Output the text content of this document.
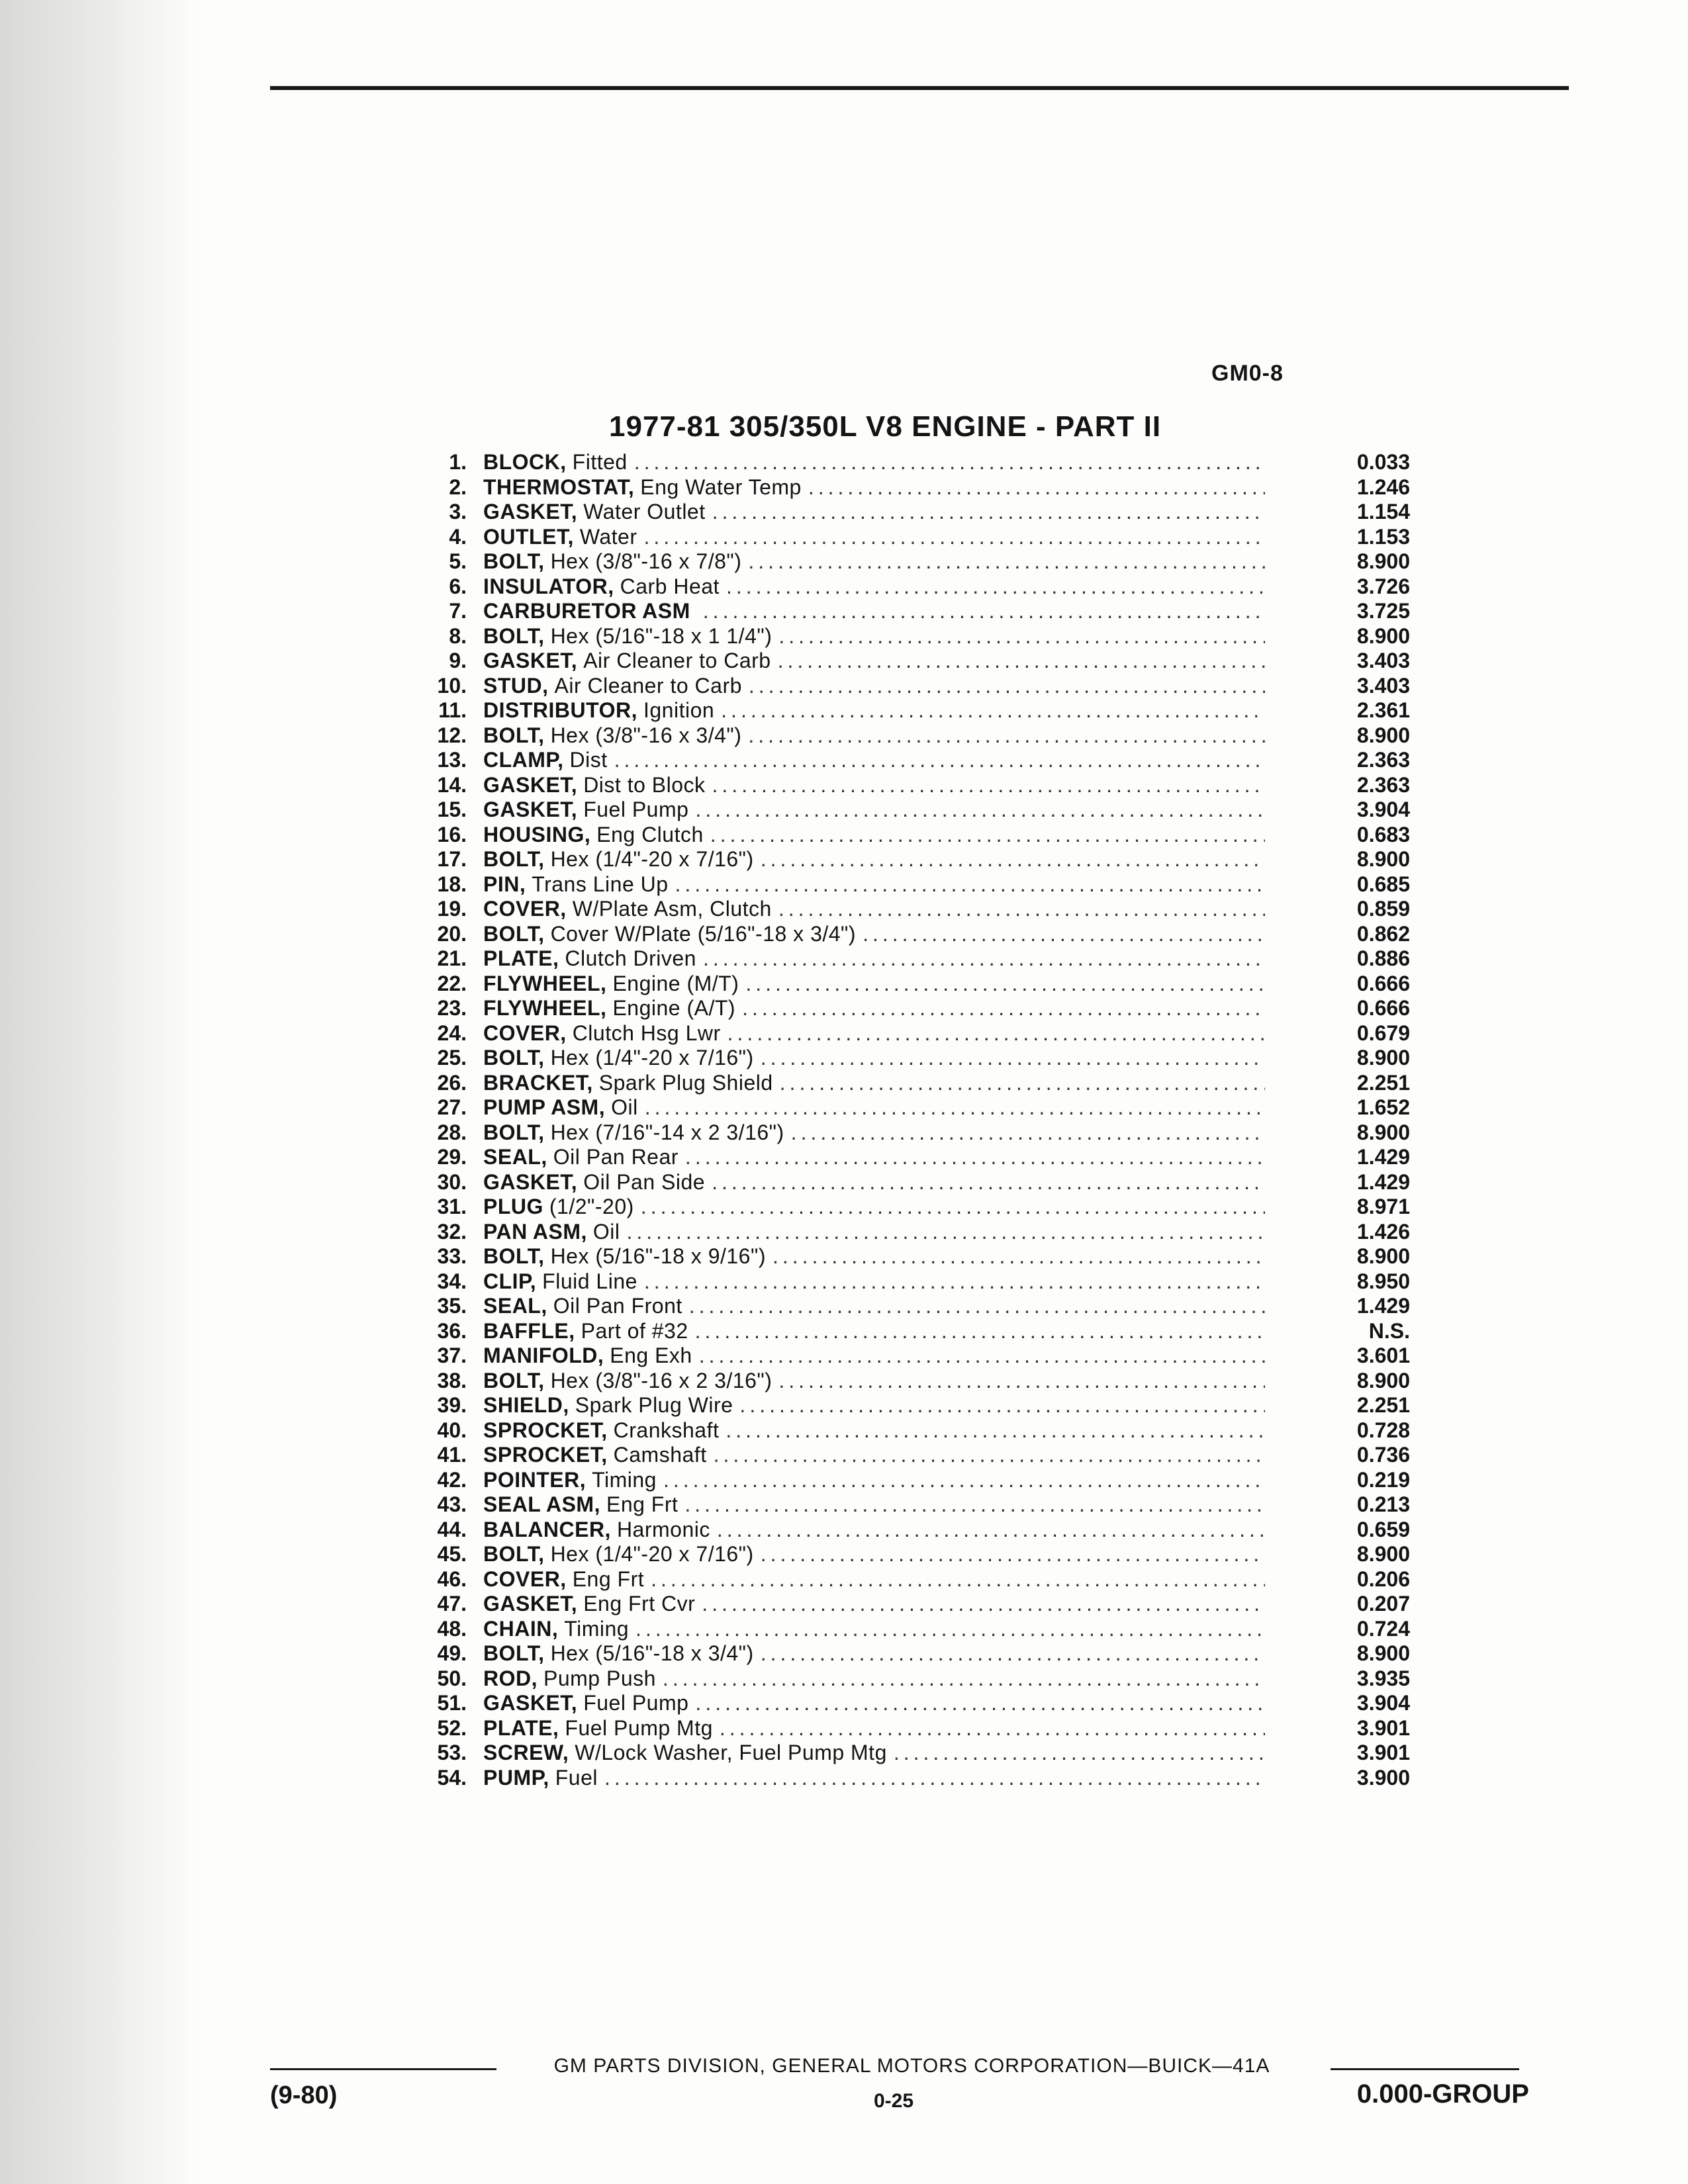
GM0-8
1977-81 305/350L V8 ENGINE - PART II
1. BLOCK, Fitted .....	0.033
2. THERMOSTAT, Eng Water Temp .....	1.246
3. GASKET, Water Outlet .....	1.154
4. OUTLET, Water .....	1.153
5. BOLT, Hex (3/8"-16 x 7/8") .....	8.900
6. INSULATOR, Carb Heat .....	3.726
7. CARBURETOR ASM .....	3.725
8. BOLT, Hex (5/16"-18 x 1 1/4") .....	8.900
9. GASKET, Air Cleaner to Carb .....	3.403
10. STUD, Air Cleaner to Carb .....	3.403
11. DISTRIBUTOR, Ignition .....	2.361
12. BOLT, Hex (3/8"-16 x 3/4") .....	8.900
13. CLAMP, Dist .....	2.363
14. GASKET, Dist to Block .....	2.363
15. GASKET, Fuel Pump .....	3.904
16. HOUSING, Eng Clutch .....	0.683
17. BOLT, Hex (1/4"-20 x 7/16") .....	8.900
18. PIN, Trans Line Up .....	0.685
19. COVER, W/Plate Asm, Clutch .....	0.859
20. BOLT, Cover W/Plate (5/16"-18 x 3/4") .....	0.862
21. PLATE, Clutch Driven .....	0.886
22. FLYWHEEL, Engine (M/T) .....	0.666
23. FLYWHEEL, Engine (A/T) .....	0.666
24. COVER, Clutch Hsg Lwr .....	0.679
25. BOLT, Hex (1/4"-20 x 7/16") .....	8.900
26. BRACKET, Spark Plug Shield .....	2.251
27. PUMP ASM, Oil .....	1.652
28. BOLT, Hex (7/16"-14 x 2 3/16") .....	8.900
29. SEAL, Oil Pan Rear .....	1.429
30. GASKET, Oil Pan Side .....	1.429
31. PLUG (1/2"-20) .....	8.971
32. PAN ASM, Oil .....	1.426
33. BOLT, Hex (5/16"-18 x 9/16") .....	8.900
34. CLIP, Fluid Line .....	8.950
35. SEAL, Oil Pan Front .....	1.429
36. BAFFLE, Part of #32 .....	N.S.
37. MANIFOLD, Eng Exh .....	3.601
38. BOLT, Hex (3/8"-16 x 2 3/16") .....	8.900
39. SHIELD, Spark Plug Wire .....	2.251
40. SPROCKET, Crankshaft .....	0.728
41. SPROCKET, Camshaft .....	0.736
42. POINTER, Timing .....	0.219
43. SEAL ASM, Eng Frt .....	0.213
44. BALANCER, Harmonic .....	0.659
45. BOLT, Hex (1/4"-20 x 7/16") .....	8.900
46. COVER, Eng Frt .....	0.206
47. GASKET, Eng Frt Cvr .....	0.207
48. CHAIN, Timing .....	0.724
49. BOLT, Hex (5/16"-18 x 3/4") .....	8.900
50. ROD, Pump Push .....	3.935
51. GASKET, Fuel Pump .....	3.904
52. PLATE, Fuel Pump Mtg .....	3.901
53. SCREW, W/Lock Washer, Fuel Pump Mtg .....	3.901
54. PUMP, Fuel .....	3.900
GM PARTS DIVISION, GENERAL MOTORS CORPORATION—BUICK—41A
(9-80)	0-25	0.000-GROUP
